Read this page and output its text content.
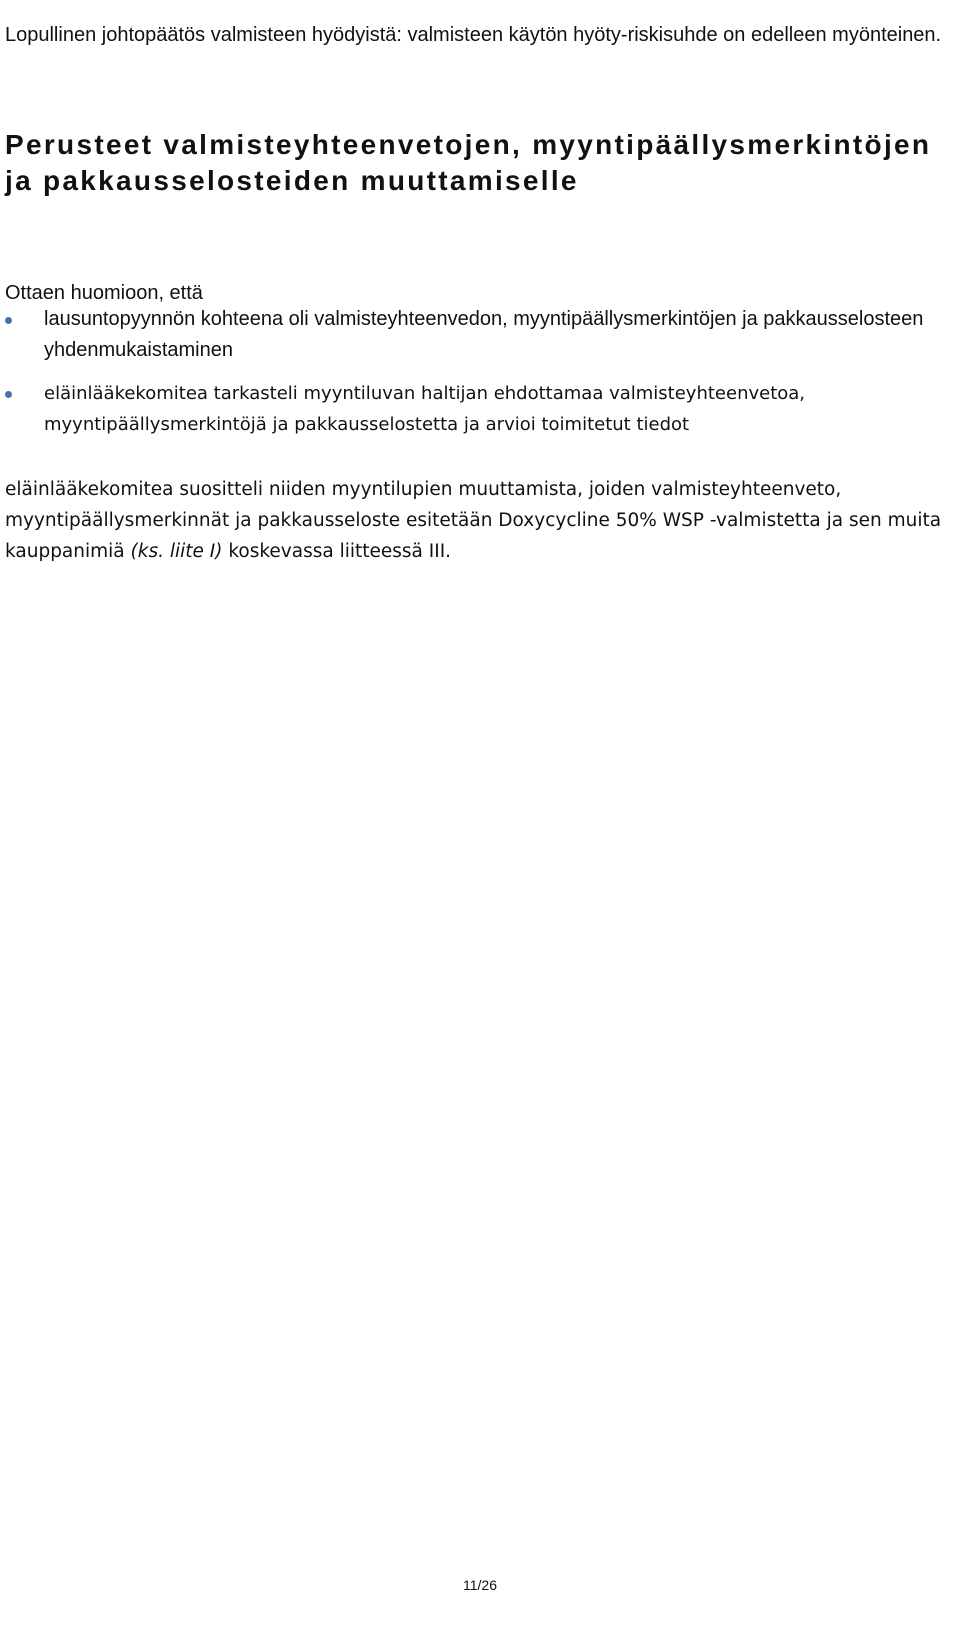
Lopullinen johtopäätös valmisteen hyödyistä: valmisteen käytön hyöty-riskisuhde on edelleen myönteinen.

Perusteet valmisteyhteenvetojen, myyntipäällysmerkintöjen ja pakkausselosteiden muuttamiselle

Ottaen huomioon, että

lausuntopyynnön kohteena oli valmisteyhteenvedon, myyntipäällysmerkintöjen ja pakkausselosteen yhdenmukaistaminen
eläinlääkekomitea tarkasteli myyntiluvan haltijan ehdottamaa valmisteyhteenvetoa, myyntipäällysmerkintöjä ja pakkausselostetta ja arvioi toimitetut tiedot

eläinlääkekomitea suositteli niiden myyntilupien muuttamista, joiden valmisteyhteenveto, myyntipäällysmerkinnät ja pakkausseloste esitetään Doxycycline 50% WSP -valmistetta ja sen muita kauppanimiä (ks. liite I) koskevassa liitteessä III.

11/26
